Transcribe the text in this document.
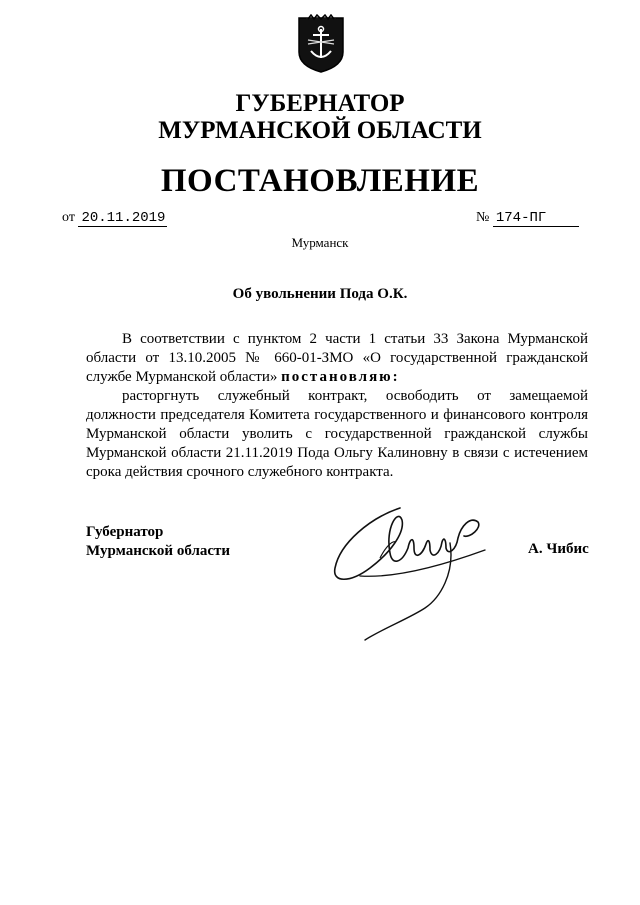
ГУБЕРНАТОР
МУРМАНСКОЙ ОБЛАСТИ
ПОСТАНОВЛЕНИЕ
от 20.11.2019	№ 174-ПГ
Мурманск
Об увольнении Пода О.К.

В соответствии с пунктом 2 части 1 статьи 33 Закона Мурманской области от 13.10.2005 № 660-01-ЗМО «О государственной гражданской службе Мурманской области» постановляю:

расторгнуть служебный контракт, освободить от замещаемой должности председателя Комитета государственного и финансового контроля Мурманской области уволить с государственной гражданской службы Мурманской области 21.11.2019 Пода Ольгу Калиновну в связи с истечением срока действия срочного служебного контракта.

Губернатор
Мурманской области	А. Чибис
